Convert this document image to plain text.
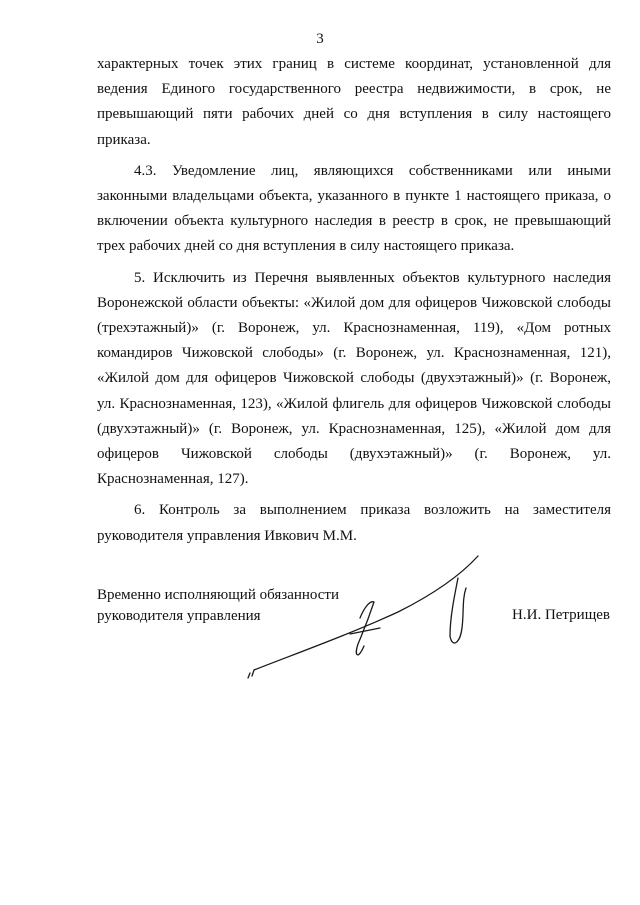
3

характерных точек этих границ в системе координат, установленной для ведения Единого государственного реестра недвижимости, в срок, не превышающий пяти рабочих дней со дня вступления в силу настоящего приказа.

4.3. Уведомление лиц, являющихся собственниками или иными законными владельцами объекта, указанного в пункте 1 настоящего приказа, о включении объекта культурного наследия в реестр в срок, не превышающий трех рабочих дней со дня вступления в силу настоящего приказа.

5. Исключить из Перечня выявленных объектов культурного наследия Воронежской области объекты: «Жилой дом для офицеров Чижовской слободы (трехэтажный)» (г. Воронеж, ул. Краснознаменная, 119), «Дом ротных командиров Чижовской слободы» (г. Воронеж, ул. Краснознаменная, 121), «Жилой дом для офицеров Чижовской слободы (двухэтажный)» (г. Воронеж, ул. Краснознаменная, 123), «Жилой флигель для офицеров Чижовской слободы (двухэтажный)» (г. Воронеж, ул. Краснознаменная, 125), «Жилой дом для офицеров Чижовской слободы (двухэтажный)» (г. Воронеж, ул. Краснознаменная, 127).

6. Контроль за выполнением приказа возложить на заместителя руководителя управления Ивкович М.М.

Временно исполняющий обязанности
руководителя управления	Н.И. Петрищев
